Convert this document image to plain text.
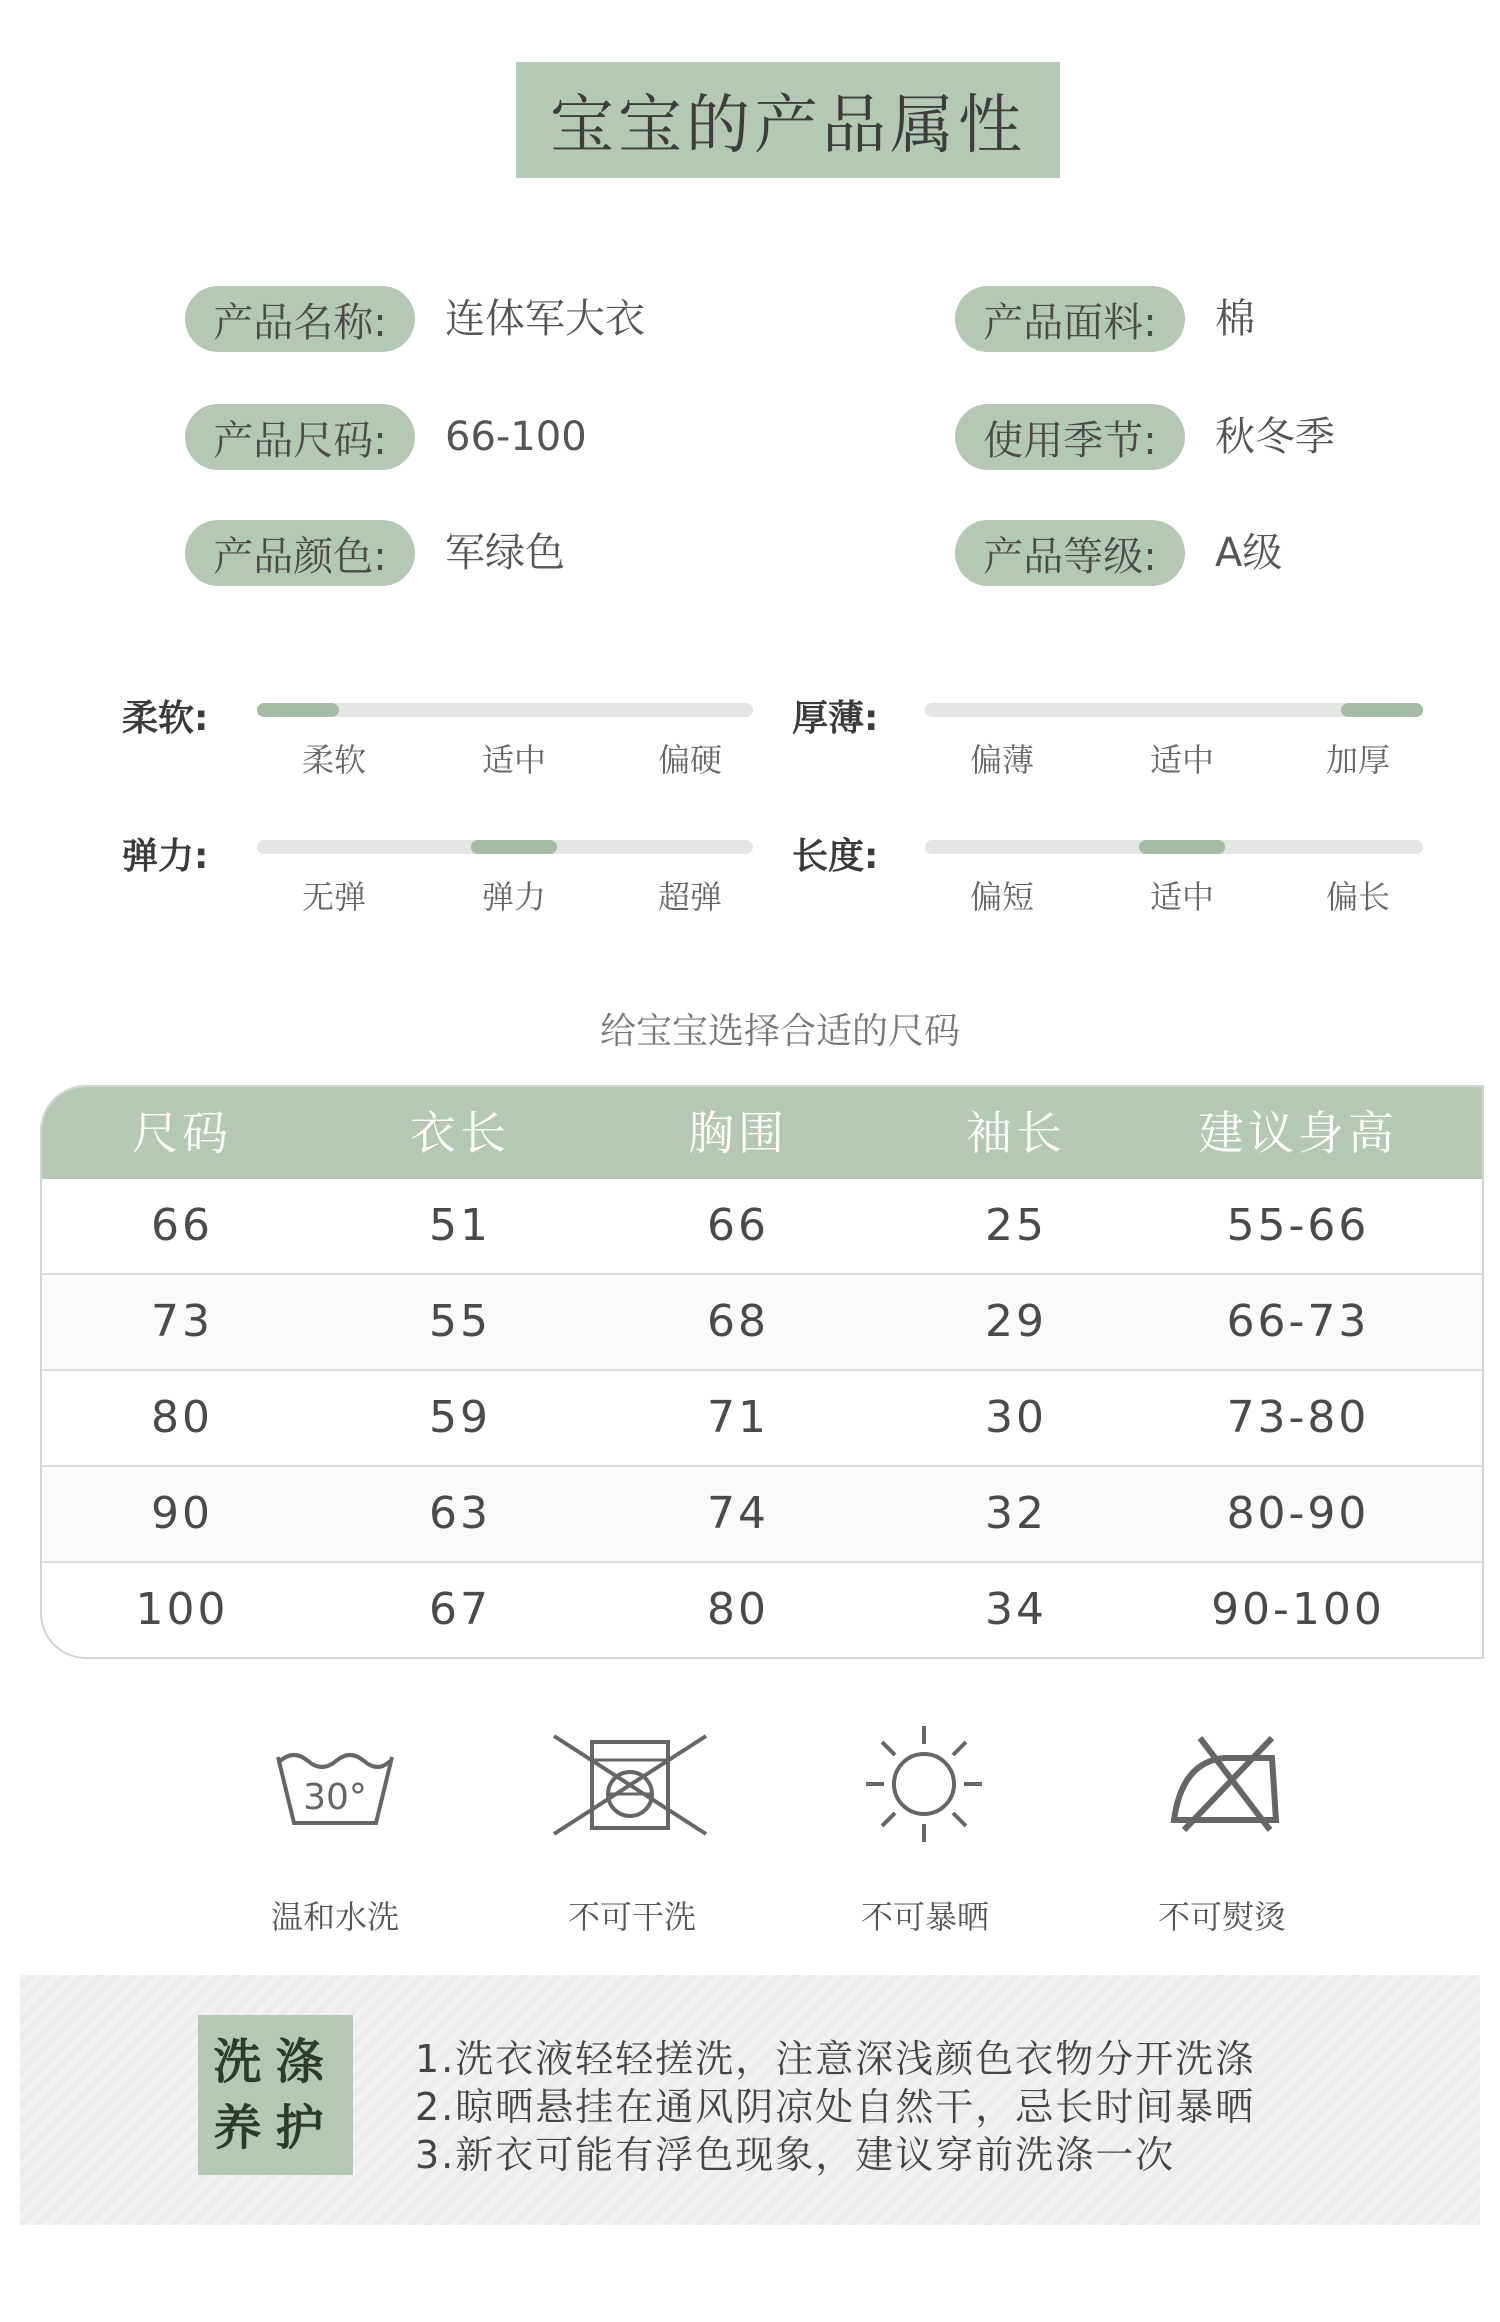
宝宝的产品属性
产品名称:	连体军大衣	产品面料:	棉
产品尺码:	66-100	使用季节:	秋冬季
产品颜色:	军绿色	产品等级:	A级
柔软:
柔软	适中	偏硬
厚薄:
偏薄	适中	加厚
弹力:
无弹	弹力	超弹
长度:
偏短	适中	偏长
给宝宝选择合适的尺码
尺码	衣长	胸围	袖长	建议身高
66	51	66	25	55-66
73	55	68	29	66-73
80	59	71	30	73-80
90	63	74	32	80-90
100	67	80	34	90-100
30°
温和水洗	不可干洗	不可暴晒	不可熨烫
洗涤
养护
1.洗衣液轻轻搓洗，注意深浅颜色衣物分开洗涤
2.晾晒悬挂在通风阴凉处自然干，忌长时间暴晒
3.新衣可能有浮色现象，建议穿前洗涤一次
